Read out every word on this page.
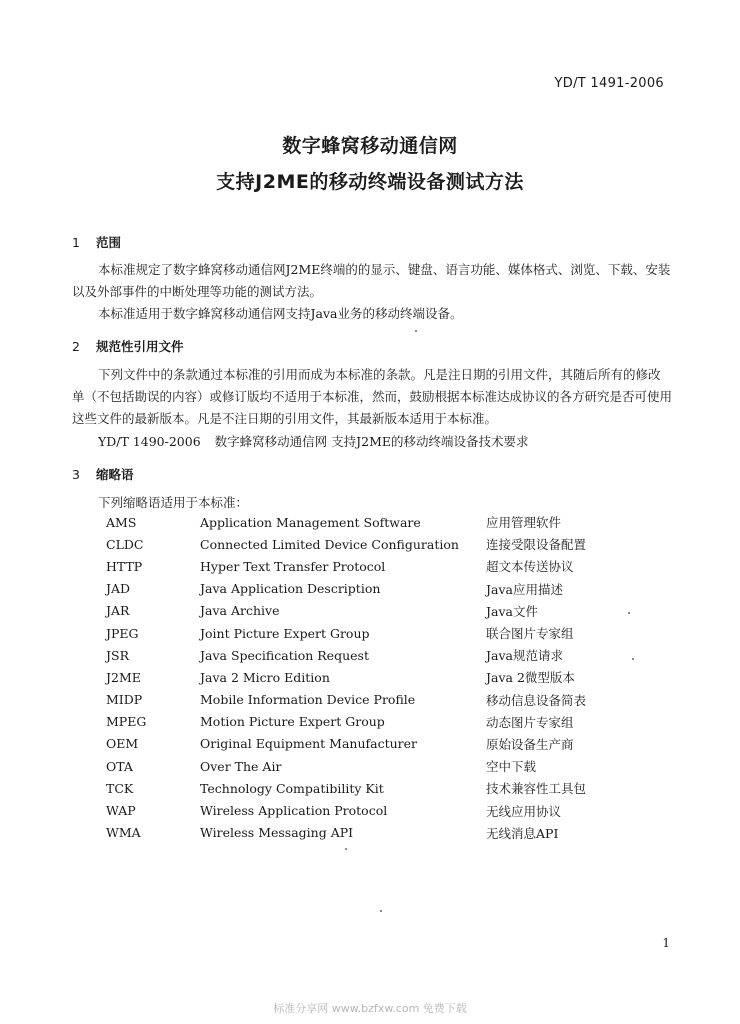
YD/T 1491-2006
数字蜂窝移动通信网
支持J2ME的移动终端设备测试方法
1 范围

本标准规定了数字蜂窝移动通信网J2ME终端的的显示、键盘、语言功能、媒体格式、浏览、下载、安装以及外部事件的中断处理等功能的测试方法。

本标准适用于数字蜂窝移动通信网支持Java业务的移动终端设备。

2 规范性引用文件

下列文件中的条款通过本标准的引用而成为本标准的条款。凡是注日期的引用文件，其随后所有的修改单（不包括勘误的内容）或修订版均不适用于本标准，然而，鼓励根据本标准达成协议的各方研究是否可使用这些文件的最新版本。凡是不注日期的引用文件，其最新版本适用于本标准。

YD/T 1490-2006 数字蜂窝移动通信网 支持J2ME的移动终端设备技术要求
3 缩略语
下列缩略语适用于本标准：
AMS	Application Management Software	应用管理软件
CLDC	Connected Limited Device Configuration	连接受限设备配置
HTTP	Hyper Text Transfer Protocol	超文本传送协议
JAD	Java Application Description	Java应用描述
JAR	Java Archive	Java文件
JPEG	Joint Picture Expert Group	联合图片专家组
JSR	Java Specification Request	Java规范请求
J2ME	Java 2 Micro Edition	Java 2微型版本
MIDP	Mobile Information Device Profile	移动信息设备简表
MPEG	Motion Picture Expert Group	动态图片专家组
OEM	Original Equipment Manufacturer	原始设备生产商
OTA	Over The Air	空中下载
TCK	Technology Compatibility Kit	技术兼容性工具包
WAP	Wireless Application Protocol	无线应用协议
WMA	Wireless Messaging API	无线消息API
1
标准分享网 www.bzfxw.com 免费下载
